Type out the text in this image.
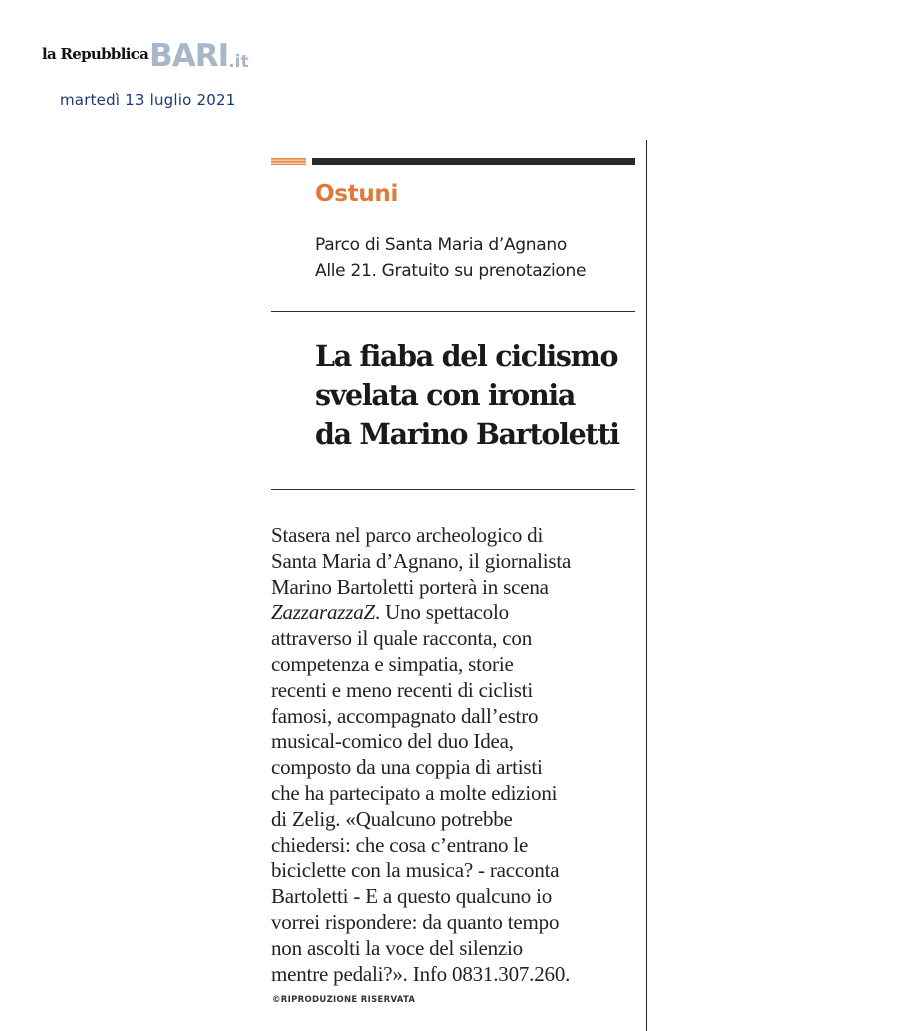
la Repubblica BARI .it
martedì 13 luglio 2021
Ostuni
Parco di Santa Maria d’Agnano
Alle 21. Gratuito su prenotazione
La fiaba del ciclismo
svelata con ironia
da Marino Bartoletti
Stasera nel parco archeologico di
Santa Maria d’Agnano, il giornalista
Marino Bartoletti porterà in scena
ZazzarazzaZ. Uno spettacolo
attraverso il quale racconta, con
competenza e simpatia, storie
recenti e meno recenti di ciclisti
famosi, accompagnato dall’estro
musical-comico del duo Idea,
composto da una coppia di artisti
che ha partecipato a molte edizioni
di Zelig. «Qualcuno potrebbe
chiedersi: che cosa c’entrano le
biciclette con la musica? - racconta
Bartoletti - E a questo qualcuno io
vorrei rispondere: da quanto tempo
non ascolti la voce del silenzio
mentre pedali?». Info 0831.307.260.
©RIPRODUZIONE RISERVATA
